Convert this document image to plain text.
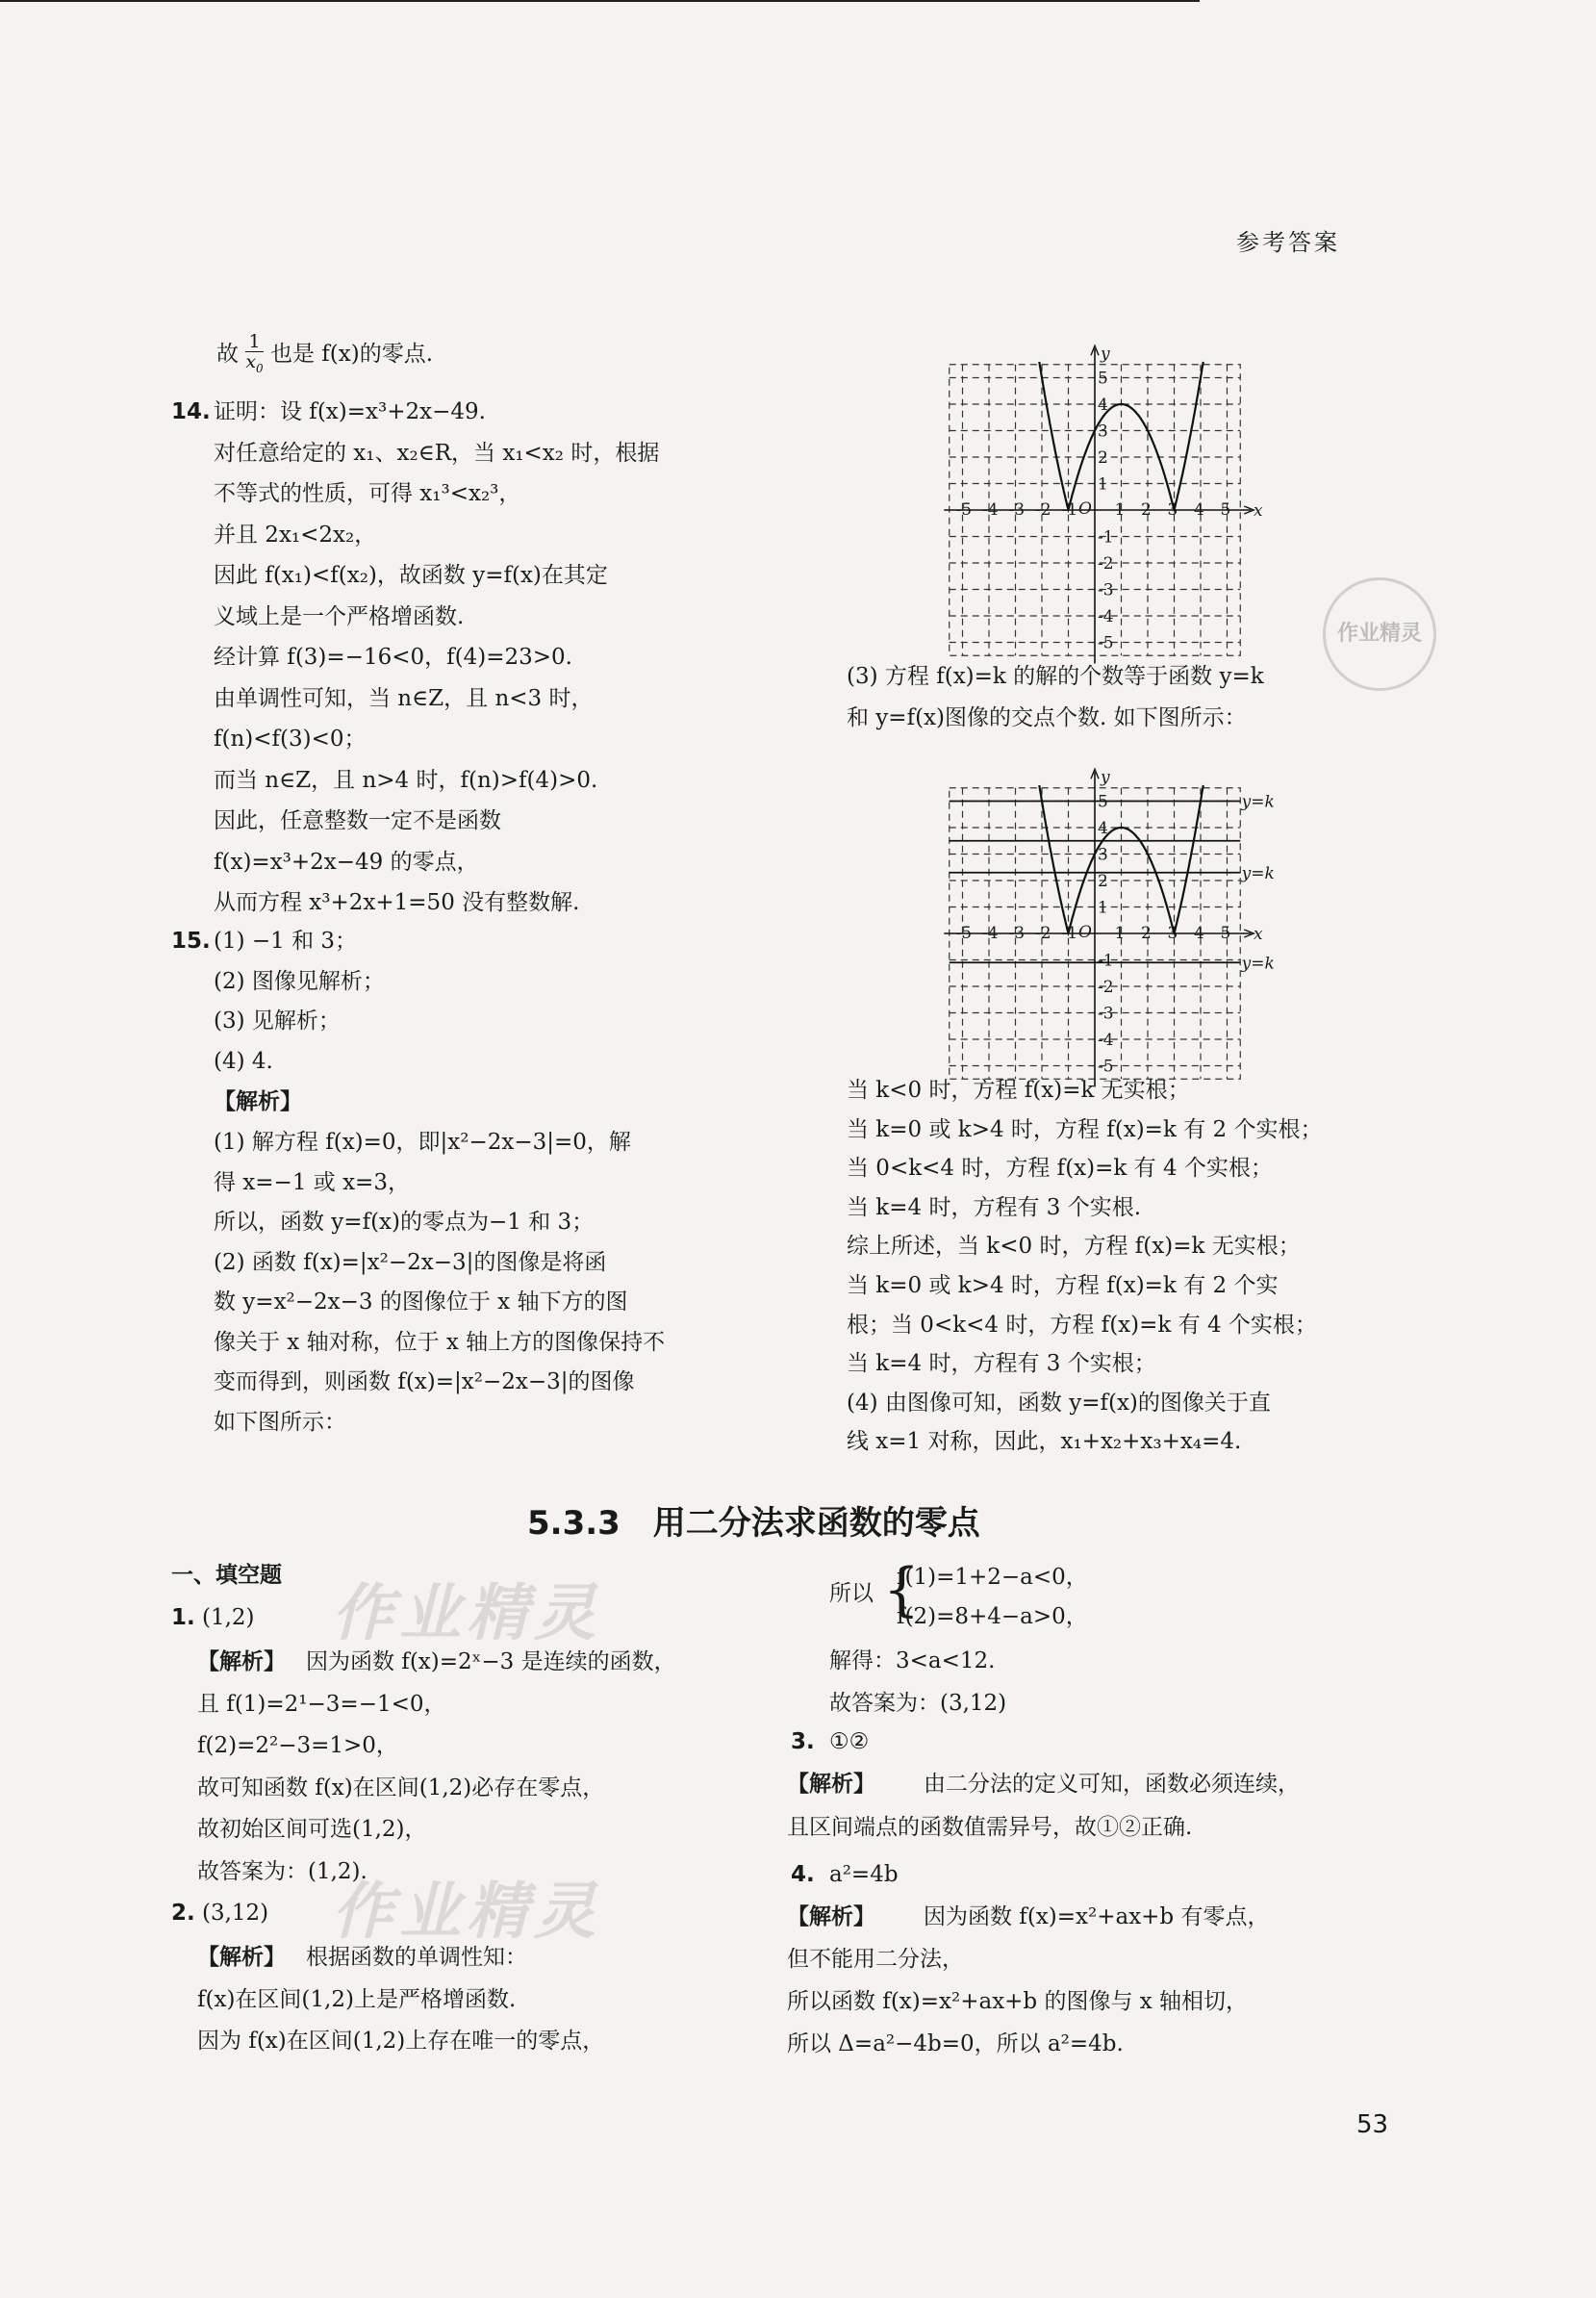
参考答案
故 $\frac{1}{x_0}$ 也是 f(x)的零点.
14. 证明：设 f(x)=x³+2x−49.
对任意给定的 x₁、x₂∈R，当 x₁<x₂ 时，根据
不等式的性质，可得 x₁³<x₂³，
并且 2x₁<2x₂，
因此 f(x₁)<f(x₂)，故函数 y=f(x)在其定
义域上是一个严格增函数.
经计算 f(3)=−16<0，f(4)=23>0.
由单调性可知，当 n∈Z，且 n<3 时，
f(n)<f(3)<0；
而当 n∈Z，且 n>4 时，f(n)>f(4)>0.
因此，任意整数一定不是函数
f(x)=x³+2x−49 的零点，
从而方程 x³+2x+1=50 没有整数解.
15. (1) −1 和 3；
(2) 图像见解析；
(3) 见解析；
(4) 4.
【解析】
(1) 解方程 f(x)=0，即|x²−2x−3|=0，解
得 x=−1 或 x=3，
所以，函数 y=f(x)的零点为−1 和 3；
(2) 函数 f(x)=|x²−2x−3|的图像是将函
数 y=x²−2x−3 的图像位于 x 轴下方的图
像关于 x 轴对称，位于 x 轴上方的图像保持不
变而得到，则函数 f(x)=|x²−2x−3|的图像
如下图所示：
x
y
O
-5 -4 -3 -2 -1 1 2 3 4 5
5
4
3
2
1
-1
-2
-3
-4
-5
(3) 方程 f(x)=k 的解的个数等于函数 y=k
和 y=f(x)图像的交点个数. 如下图所示：
x
y
O
-5 -4 -3 -2 -1 1 2 3 4 5
5
4
3
2
1
-1
-2
-3
-4
-5
y=k
y=k
y=k
当 k<0 时，方程 f(x)=k 无实根；
当 k=0 或 k>4 时，方程 f(x)=k 有 2 个实根；
当 0<k<4 时，方程 f(x)=k 有 4 个实根；
当 k=4 时，方程有 3 个实根.
综上所述，当 k<0 时，方程 f(x)=k 无实根；
当 k=0 或 k>4 时，方程 f(x)=k 有 2 个实
根；当 0<k<4 时，方程 f(x)=k 有 4 个实根；
当 k=4 时，方程有 3 个实根；
(4) 由图像可知，函数 y=f(x)的图像关于直
线 x=1 对称，因此，x₁+x₂+x₃+x₄=4.
作业精灵
5.3.3　用二分法求函数的零点
一、填空题
1. (1,2)
【解析】 因为函数 f(x)=2ˣ−3 是连续的函数，
且 f(1)=2¹−3=−1<0，
f(2)=2²−3=1>0，
故可知函数 f(x)在区间(1,2)必存在零点，
故初始区间可选(1,2)，
故答案为：(1,2).
2. (3,12)
【解析】 根据函数的单调性知：
f(x)在区间(1,2)上是严格增函数.
因为 f(x)在区间(1,2)上存在唯一的零点，
所以 {
f(1)=1+2−a<0，
f(2)=8+4−a>0，
解得：3<a<12.
故答案为：(3,12)
3. ①②
【解析】 由二分法的定义可知，函数必须连续，
且区间端点的函数值需异号，故①②正确.
4. a²=4b
【解析】 因为函数 f(x)=x²+ax+b 有零点，
但不能用二分法，
所以函数 f(x)=x²+ax+b 的图像与 x 轴相切，
所以 Δ=a²−4b=0，所以 a²=4b.
作业精灵
作业精灵
53
